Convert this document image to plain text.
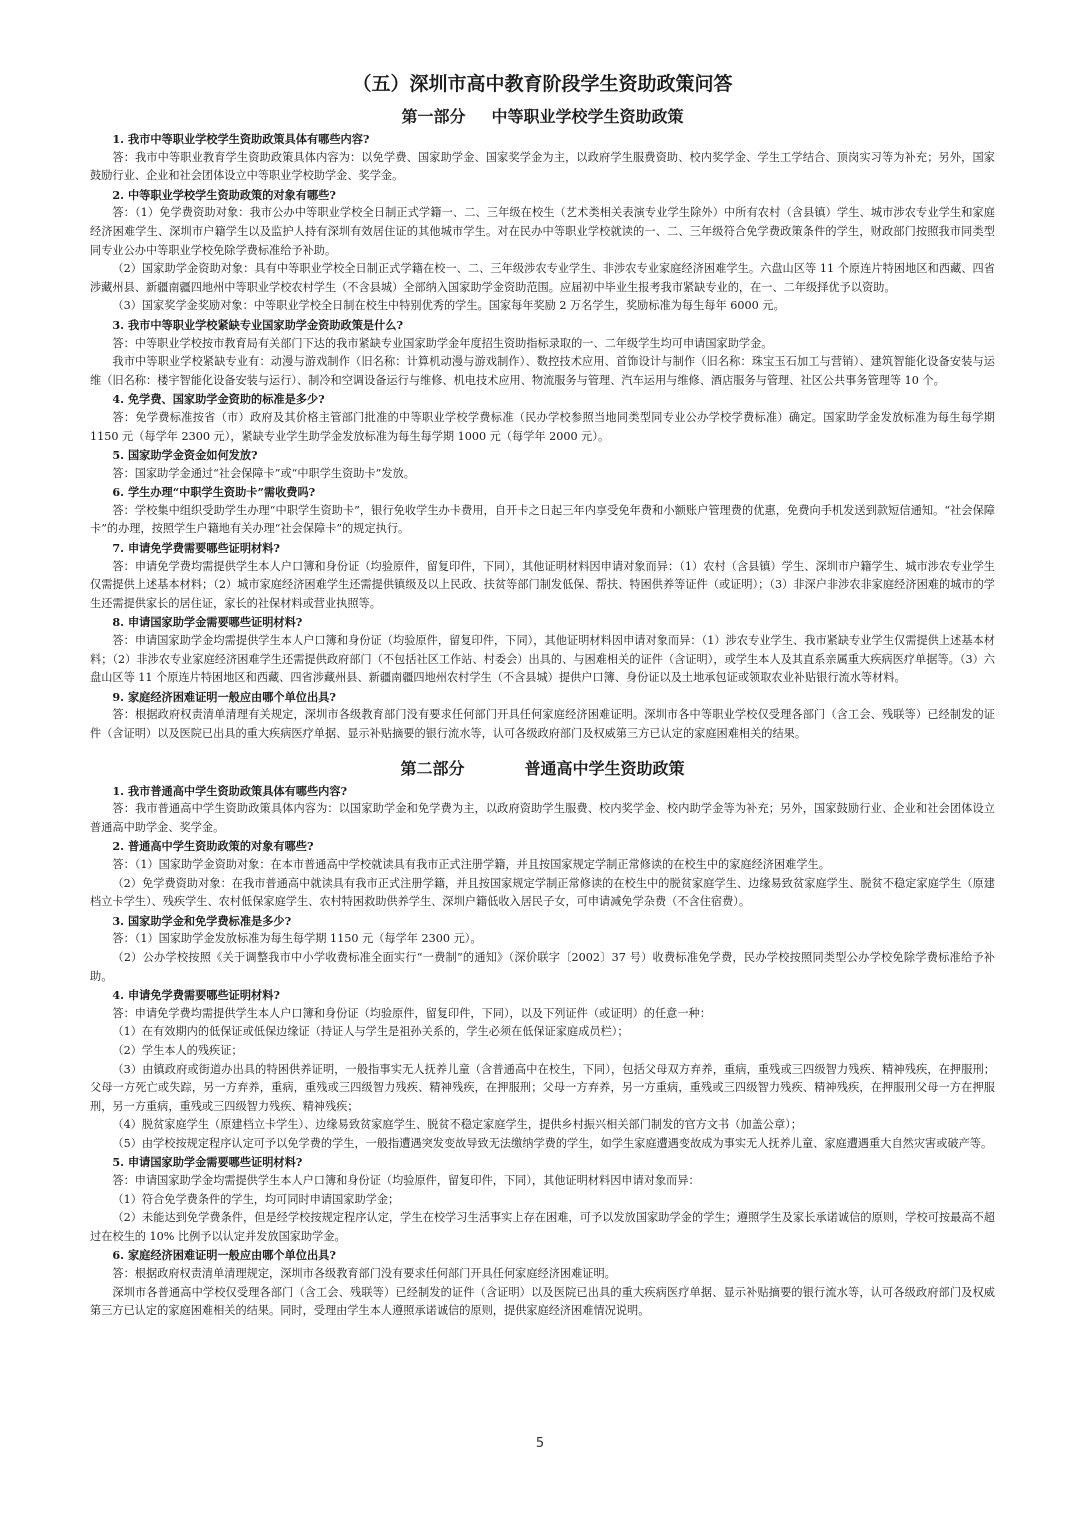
（五）深圳市高中教育阶段学生资助政策问答
第一部分 中等职业学校学生资助政策

1. 我市中等职业学校学生资助政策具体有哪些内容?

答：我市中等职业教育学生资助政策具体内容为：以免学费、国家助学金、国家奖学金为主，以政府学生服费资助、校内奖学金、学生工学结合、顶岗实习等为补充；另外，国家鼓励行业、企业和社会团体设立中等职业学校助学金、奖学金。

2. 中等职业学校学生资助政策的对象有哪些?

答：（1）免学费资助对象：我市公办中等职业学校全日制正式学籍一、二、三年级在校生（艺术类相关表演专业学生除外）中所有农村（含县镇）学生、城市涉农专业学生和家庭经济困难学生、深圳市户籍学生以及监护人持有深圳有效居住证的其他城市学生。对在民办中等职业学校就读的一、二、三年级符合免学费政策条件的学生，财政部门按照我市同类型同专业公办中等职业学校免除学费标准给予补助。

（2）国家助学金资助对象：具有中等职业学校全日制正式学籍在校一、二、三年级涉农专业学生、非涉农专业家庭经济困难学生。六盘山区等 11 个原连片特困地区和西藏、四省涉藏州县、新疆南疆四地州中等职业学校农村学生（不含县城）全部纳入国家助学金资助范围。应届初中毕业生报考我市紧缺专业的，在一、二年级择优予以资助。

（3）国家奖学金奖励对象：中等职业学校全日制在校生中特别优秀的学生。国家每年奖励 2 万名学生，奖励标准为每生每年 6000 元。

3. 我市中等职业学校紧缺专业国家助学金资助政策是什么?

答：中等职业学校按市教育局有关部门下达的我市紧缺专业国家助学金年度招生资助指标录取的一、二年级学生均可申请国家助学金。

我市中等职业学校紧缺专业有：动漫与游戏制作（旧名称：计算机动漫与游戏制作）、数控技术应用、首饰设计与制作（旧名称：珠宝玉石加工与营销）、建筑智能化设备安装与运维（旧名称：楼宇智能化设备安装与运行）、制冷和空调设备运行与维修、机电技术应用、物流服务与管理、汽车运用与维修、酒店服务与管理、社区公共事务管理等 10 个。

4. 免学费、国家助学金资助的标准是多少?

答：免学费标准按省（市）政府及其价格主管部门批准的中等职业学校学费标准（民办学校参照当地同类型同专业公办学校学费标准）确定。国家助学金发放标准为每生每学期 1150 元（每学年 2300 元），紧缺专业学生助学金发放标准为每生每学期 1000 元（每学年 2000 元）。

5. 国家助学金资金如何发放?

答：国家助学金通过“社会保障卡”或“中职学生资助卡”发放。

6. 学生办理“中职学生资助卡”需收费吗?

答：学校集中组织受助学生办理“中职学生资助卡”，银行免收学生办卡费用，自开卡之日起三年内享受免年费和小额账户管理费的优惠，免费向手机发送到款短信通知。“社会保障卡”的办理，按照学生户籍地有关办理“社会保障卡”的规定执行。

7. 申请免学费需要哪些证明材料?

答：申请免学费均需提供学生本人户口簿和身份证（均验原件，留复印件，下同），其他证明材料因申请对象而异：（1）农村（含县镇）学生、深圳市户籍学生、城市涉农专业学生仅需提供上述基本材料；（2）城市家庭经济困难学生还需提供镇级及以上民政、扶贫等部门制发低保、帮扶、特困供养等证件（或证明）；（3）非深户非涉农非家庭经济困难的城市的学生还需提供家长的居住证，家长的社保材料或营业执照等。

8. 申请国家助学金需要哪些证明材料?

答：申请国家助学金均需提供学生本人户口簿和身份证（均验原件，留复印件，下同），其他证明材料因申请对象而异：（1）涉农专业学生、我市紧缺专业学生仅需提供上述基本材料；（2）非涉农专业家庭经济困难学生还需提供政府部门（不包括社区工作站、村委会）出具的、与困难相关的证件（含证明），或学生本人及其直系亲属重大疾病医疗单据等。（3）六盘山区等 11 个原连片特困地区和西藏、四省涉藏州县、新疆南疆四地州农村学生（不含县城）提供户口簿、身份证以及土地承包证或领取农业补贴银行流水等材料。

9. 家庭经济困难证明一般应由哪个单位出具?

答：根据政府权责清单清理有关规定，深圳市各级教育部门没有要求任何部门开具任何家庭经济困难证明。深圳市各中等职业学校仅受理各部门（含工会、残联等）已经制发的证件（含证明）以及医院已出具的重大疾病医疗单据、显示补贴摘要的银行流水等，认可各级政府部门及权威第三方已认定的家庭困难相关的结果。

第二部分	普通高中学生资助政策

1. 我市普通高中学生资助政策具体有哪些内容?

答：我市普通高中学生资助政策具体内容为：以国家助学金和免学费为主，以政府资助学生服费、校内奖学金、校内助学金等为补充；另外，国家鼓励行业、企业和社会团体设立普通高中助学金、奖学金。

2. 普通高中学生资助政策的对象有哪些?

答：（1）国家助学金资助对象：在本市普通高中学校就读具有我市正式注册学籍，并且按国家规定学制正常修读的在校生中的家庭经济困难学生。

（2）免学费资助对象：在我市普通高中就读具有我市正式注册学籍，并且按国家规定学制正常修读的在校生中的脱贫家庭学生、边缘易致贫家庭学生、脱贫不稳定家庭学生（原建档立卡学生）、残疾学生、农村低保家庭学生、农村特困救助供养学生、深圳户籍低收入居民子女，可申请减免学杂费（不含住宿费）。

3. 国家助学金和免学费标准是多少?

答：（1）国家助学金发放标准为每生每学期 1150 元（每学年 2300 元）。

（2）公办学校按照《关于调整我市中小学收费标准全面实行“一费制”的通知》（深价联字〔2002〕37 号）收费标准免学费，民办学校按照同类型公办学校免除学费标准给予补助。

4. 申请免学费需要哪些证明材料?

答：申请免学费均需提供学生本人户口簿和身份证（均验原件，留复印件，下同），以及下列证件（或证明）的任意一种：

（1）在有效期内的低保证或低保边缘证（持证人与学生是祖孙关系的，学生必须在低保证家庭成员栏）；

（2）学生本人的残疾证；

（3）由镇政府或街道办出具的特困供养证明，一般指事实无人抚养儿童（含普通高中在校生，下同），包括父母双方弃养，重病，重残或三四级智力残疾、精神残疾，在押服刑；父母一方死亡或失踪，另一方弃养，重病，重残或三四级智力残疾、精神残疾，在押服刑；父母一方弃养，另一方重病，重残或三四级智力残疾、精神残疾，在押服刑父母一方在押服刑，另一方重病，重残或三四级智力残疾、精神残疾；

（4）脱贫家庭学生（原建档立卡学生）、边缘易致贫家庭学生、脱贫不稳定家庭学生，提供乡村振兴相关部门制发的官方文书（加盖公章）；

（5）由学校按规定程序认定可予以免学费的学生，一般指遭遇突发变故导致无法缴纳学费的学生，如学生家庭遭遇变故成为事实无人抚养儿童、家庭遭遇重大自然灾害或破产等。

5. 申请国家助学金需要哪些证明材料?

答：申请国家助学金均需提供学生本人户口簿和身份证（均验原件，留复印件，下同），其他证明材料因申请对象而异：

（1）符合免学费条件的学生，均可同时申请国家助学金；

（2）未能达到免学费条件，但是经学校按规定程序认定，学生在校学习生活事实上存在困难，可予以发放国家助学金的学生；遵照学生及家长承诺诚信的原则，学校可按最高不超过在校生的 10% 比例予以认定并发放国家助学金。

6. 家庭经济困难证明一般应由哪个单位出具?

答：根据政府权责清单清理规定，深圳市各级教育部门没有要求任何部门开具任何家庭经济困难证明。

深圳市各普通高中学校仅受理各部门（含工会、残联等）已经制发的证件（含证明）以及医院已出具的重大疾病医疗单据、显示补贴摘要的银行流水等，认可各级政府部门及权威第三方已认定的家庭困难相关的结果。同时，受理由学生本人遵照承诺诚信的原则，提供家庭经济困难情况说明。

5
